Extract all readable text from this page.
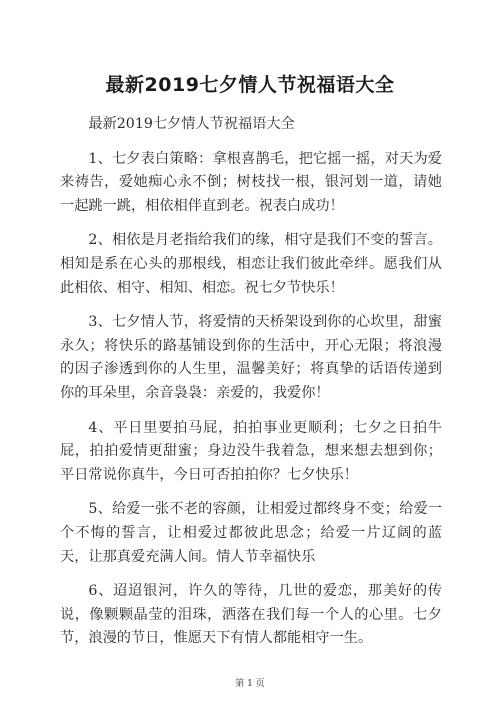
最新2019七夕情人节祝福语大全

最新2019七夕情人节祝福语大全

1、七夕表白策略：拿根喜鹊毛，把它摇一摇，对天为爱来祷告，爱她痴心永不倒；树枝找一根，银河划一道，请她一起跳一跳，相依相伴直到老。祝表白成功！

2、相依是月老指给我们的缘，相守是我们不变的誓言。相知是系在心头的那根线，相恋让我们彼此牵绊。愿我们从此相依、相守、相知、相恋。祝七夕节快乐！

3、七夕情人节，将爱情的天桥架设到你的心坎里，甜蜜永久；将快乐的路基铺设到你的生活中，开心无限；将浪漫的因子渗透到你的人生里，温馨美好；将真挚的话语传递到你的耳朵里，余音袅袅：亲爱的，我爱你！

4、平日里要拍马屁，拍拍事业更顺利；七夕之日拍牛屁，拍拍爱情更甜蜜；身边没牛我着急，想来想去想到你；平日常说你真牛，今日可否拍拍你？七夕快乐！

5、给爱一张不老的容颜，让相爱过都终身不变；给爱一个不悔的誓言，让相爱过都彼此思念；给爱一片辽阔的蓝天，让那真爱充满人间。情人节幸福快乐

6、迢迢银河，许久的等待，几世的爱恋，那美好的传说，像颗颗晶莹的泪珠，洒落在我们每一个人的心里。七夕节，浪漫的节日，惟愿天下有情人都能相守一生。

第 1 页
